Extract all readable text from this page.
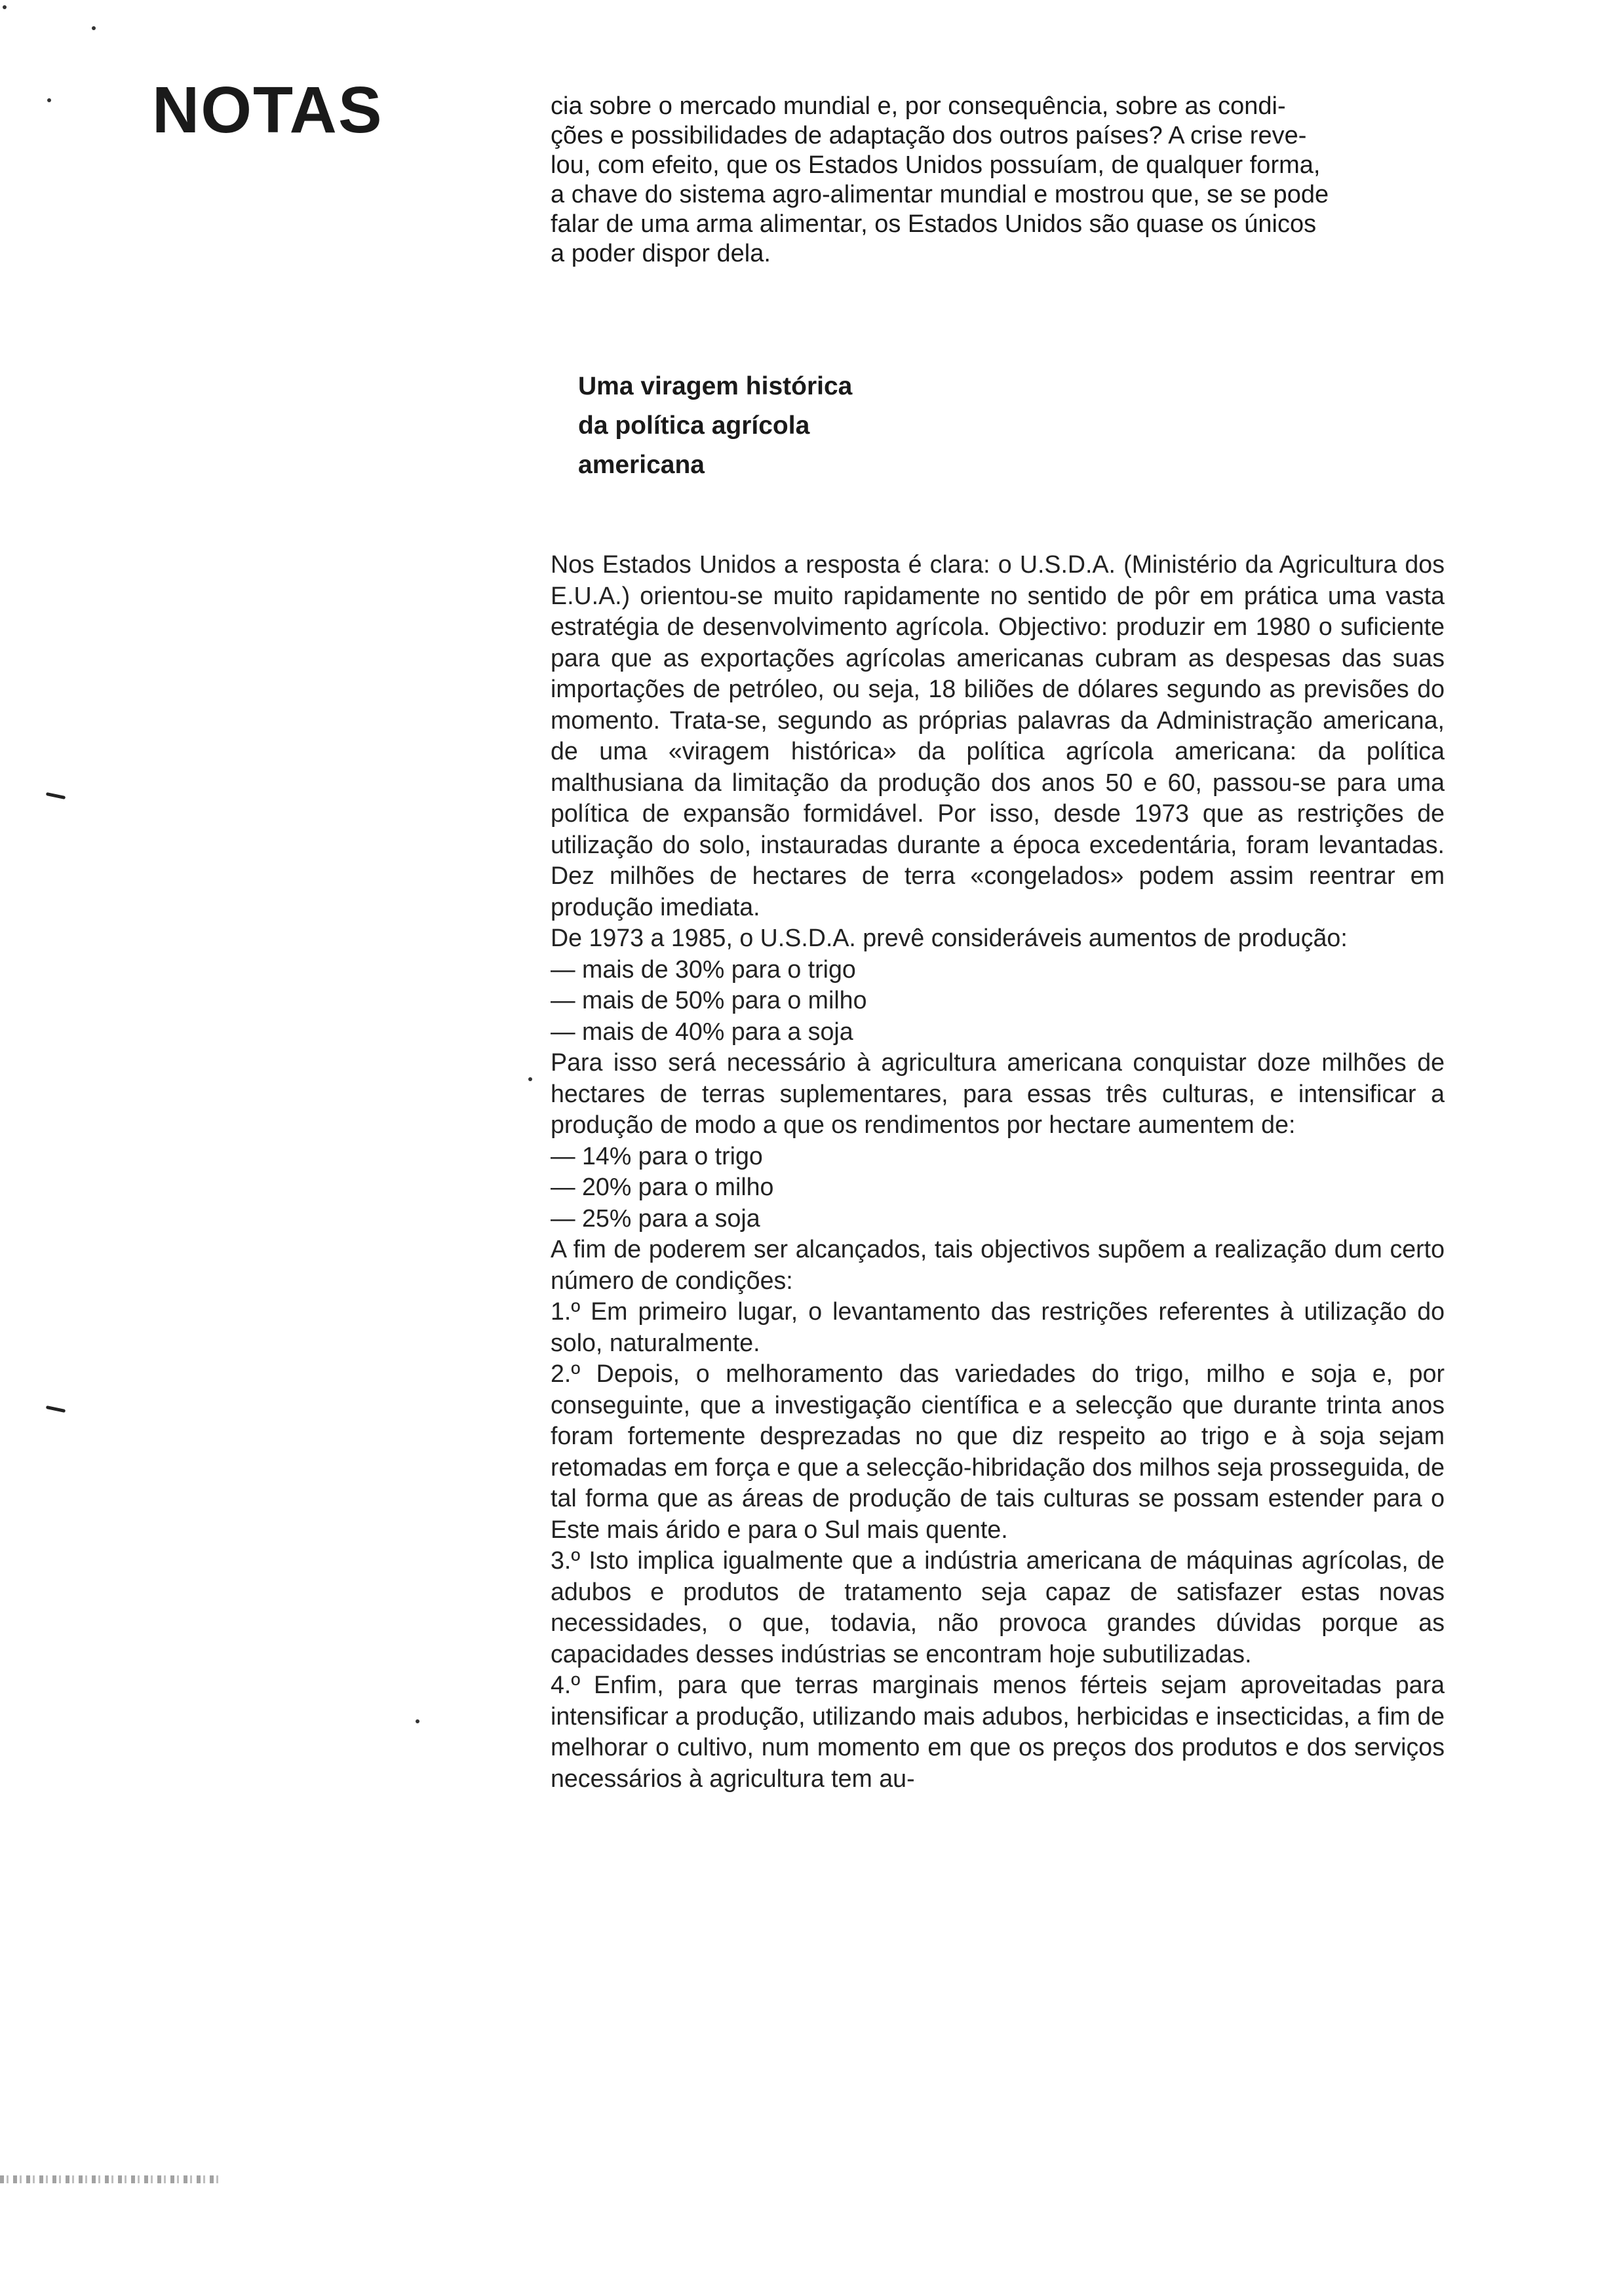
NOTAS	cia sobre o mercado mundial e, por consequência, sobre as condi-
ções e possibilidades de adaptação dos outros países? A crise reve-
lou, com efeito, que os Estados Unidos possuíam, de qualquer forma,
a chave do sistema agro-alimentar mundial e mostrou que, se se pode
falar de uma arma alimentar, os Estados Unidos são quase os únicos
a poder dispor dela.
Uma viragem histórica
da política agrícola
americana

Nos Estados Unidos a resposta é clara: o U.S.D.A. (Ministério da Agricultura dos E.U.A.) orientou-se muito rapidamente no sentido de pôr em prática uma vasta estratégia de desenvolvimento agrícola. Objectivo: produzir em 1980 o suficiente para que as exportações agrícolas americanas cubram as despesas das suas importações de petróleo, ou seja, 18 biliões de dólares segundo as previsões do momento. Trata-se, segundo as próprias palavras da Administração americana, de uma «viragem histórica» da política agrícola americana: da política malthusiana da limitação da produção dos anos 50 e 60, passou-se para uma política de expansão formidável. Por isso, desde 1973 que as restrições de utilização do solo, instauradas durante a época excedentária, foram levantadas. Dez milhões de hectares de terra «congelados» podem assim reentrar em produção imediata.

De 1973 a 1985, o U.S.D.A. prevê consideráveis aumentos de produção:

— mais de 30% para o trigo

— mais de 50% para o milho

— mais de 40% para a soja

Para isso será necessário à agricultura americana conquistar doze milhões de hectares de terras suplementares, para essas três culturas, e intensificar a produção de modo a que os rendimentos por hectare aumentem de:

— 14% para o trigo

— 20% para o milho

— 25% para a soja

A fim de poderem ser alcançados, tais objectivos supõem a realização dum certo número de condições:

1.º Em primeiro lugar, o levantamento das restrições referentes à utilização do solo, naturalmente.

2.º Depois, o melhoramento das variedades do trigo, milho e soja e, por conseguinte, que a investigação científica e a selecção que durante trinta anos foram fortemente desprezadas no que diz respeito ao trigo e à soja sejam retomadas em força e que a selecção-hibridação dos milhos seja prosseguida, de tal forma que as áreas de produção de tais culturas se possam estender para o Este mais árido e para o Sul mais quente.

3.º Isto implica igualmente que a indústria americana de máquinas agrícolas, de adubos e produtos de tratamento seja capaz de satisfazer estas novas necessidades, o que, todavia, não provoca grandes dúvidas porque as capacidades desses indústrias se encontram hoje subutilizadas.

4.º Enfim, para que terras marginais menos férteis sejam aproveitadas para intensificar a produção, utilizando mais adubos, herbicidas e insecticidas, a fim de melhorar o cultivo, num momento em que os preços dos produtos e dos serviços necessários à agricultura tem au-
